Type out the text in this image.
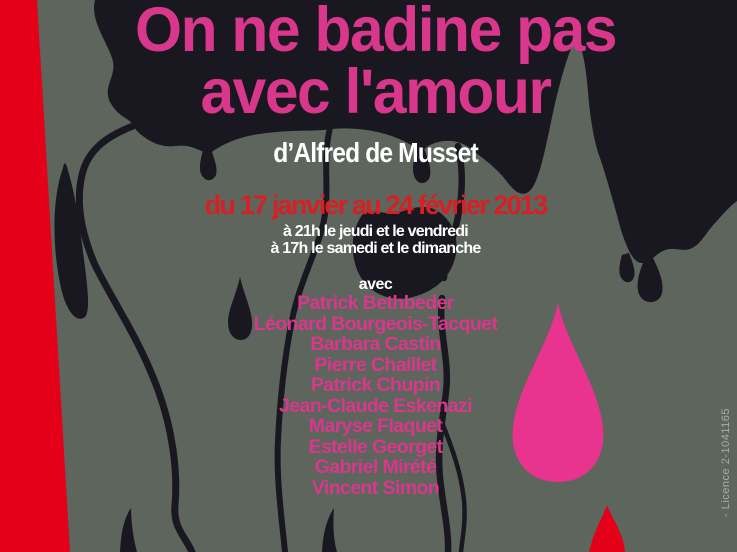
On ne badine pas
avec l'amour
d’Alfred de Musset
du 17 janvier au 24 février 2013
à 21h le jeudi et le vendredi
à 17h le samedi et le dimanche
avec
Patrick Bethbeder
Léonard Bourgeois-Tacquet
Barbara Castin
Pierre Chaillet
Patrick Chupin
Jean-Claude Eskenazi
Maryse Flaquet
Estelle Georget
Gabriel Mirété
Vincent Simon	- Licence 2-1041165
